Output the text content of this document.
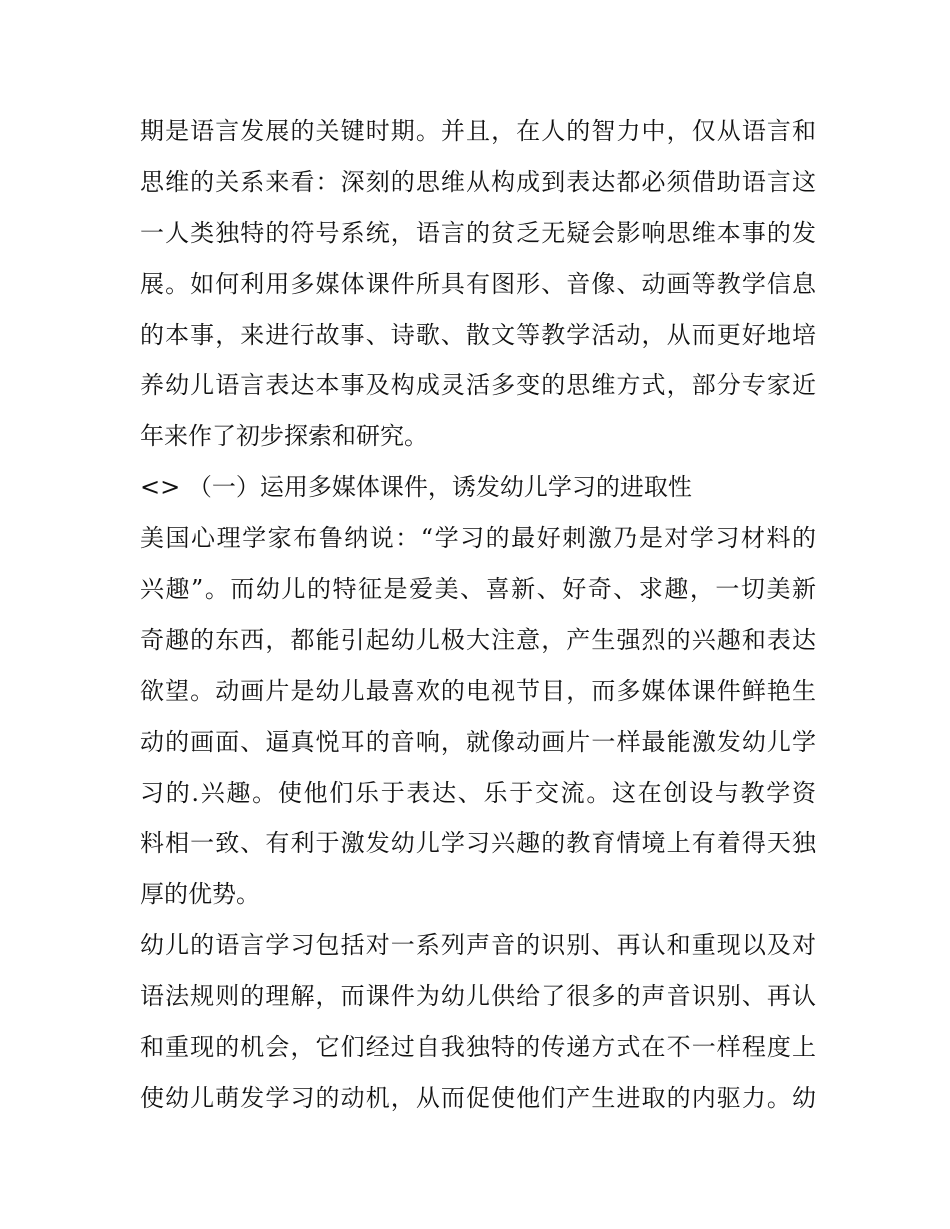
期是语言发展的关键时期。并且，在人的智力中，仅从语言和
思维的关系来看：深刻的思维从构成到表达都必须借助语言这
一人类独特的符号系统，语言的贫乏无疑会影响思维本事的发
展。如何利用多媒体课件所具有图形、音像、动画等教学信息
的本事，来进行故事、诗歌、散文等教学活动，从而更好地培
养幼儿语言表达本事及构成灵活多变的思维方式，部分专家近
年来作了初步探索和研究。
<> （一）运用多媒体课件，诱发幼儿学习的进取性
美国心理学家布鲁纳说：“学习的最好刺激乃是对学习材料的
兴趣”。而幼儿的特征是爱美、喜新、好奇、求趣，一切美新
奇趣的东西，都能引起幼儿极大注意，产生强烈的兴趣和表达
欲望。动画片是幼儿最喜欢的电视节目，而多媒体课件鲜艳生
动的画面、逼真悦耳的音响，就像动画片一样最能激发幼儿学
习的.兴趣。使他们乐于表达、乐于交流。这在创设与教学资
料相一致、有利于激发幼儿学习兴趣的教育情境上有着得天独
厚的优势。
幼儿的语言学习包括对一系列声音的识别、再认和重现以及对
语法规则的理解，而课件为幼儿供给了很多的声音识别、再认
和重现的机会，它们经过自我独特的传递方式在不一样程度上
使幼儿萌发学习的动机，从而促使他们产生进取的内驱力。幼
